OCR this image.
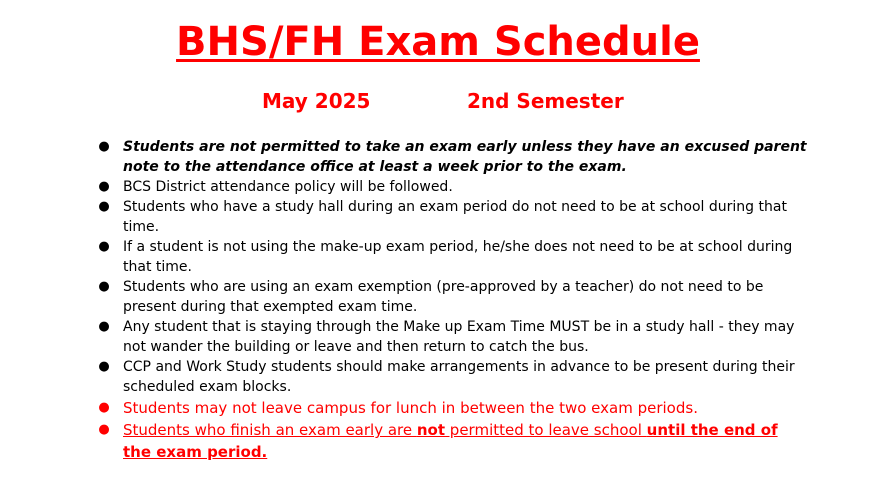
BHS/FH Exam Schedule
May 2025	2nd Semester
● Students are not permitted to take an exam early unless they have an excused parent note to the attendance office at least a week prior to the exam.
● BCS District attendance policy will be followed.
● Students who have a study hall during an exam period do not need to be at school during that time.
● If a student is not using the make-up exam period, he/she does not need to be at school during that time.
● Students who are using an exam exemption (pre-approved by a teacher) do not need to be present during that exempted exam time.
● Any student that is staying through the Make up Exam Time MUST be in a study hall - they may not wander the building or leave and then return to catch the bus.
● CCP and Work Study students should make arrangements in advance to be present during their scheduled exam blocks.
● Students may not leave campus for lunch in between the two exam periods.
● Students who finish an exam early are not permitted to leave school until the end of the exam period.
